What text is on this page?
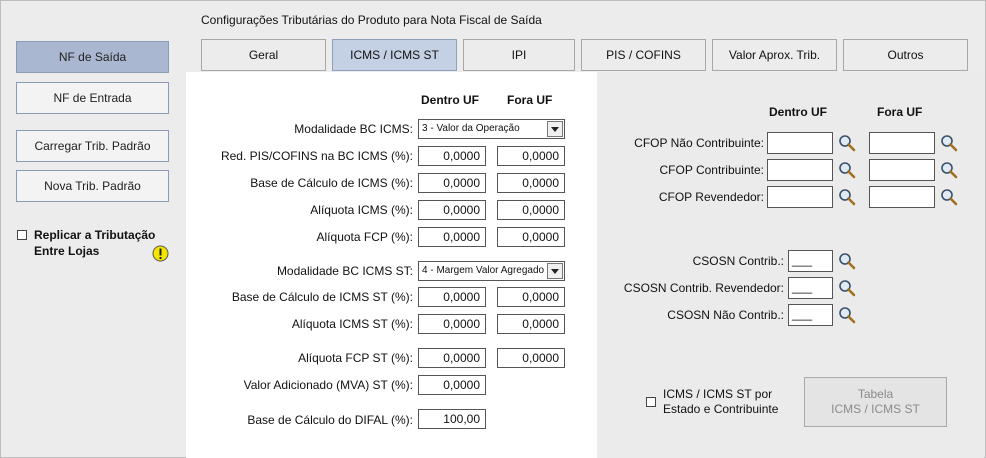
NF de Saída
NF de Entrada
Carregar Trib. Padrão
Nova Trib. Padrão
Replicar a Tributação
Entre Lojas
Configurações Tributárias do Produto para Nota Fiscal de Saída
Geral	ICMS / ICMS ST	IPI	PIS / COFINS	Valor Aprox. Trib.	Outros
Dentro UF Fora UF
Modalidade BC ICMS: 3 - Valor da Operação
Red. PIS/COFINS na BC ICMS (%):	0,0000	0,0000
Base de Cálculo de ICMS (%):	0,0000	0,0000
Alíquota ICMS (%):	0,0000	0,0000
Alíquota FCP (%):	0,0000	0,0000
Modalidade BC ICMS ST: 4 - Margem Valor Agregado
Base de Cálculo de ICMS ST (%):	0,0000	0,0000
Alíquota ICMS ST (%):	0,0000	0,0000
Alíquota FCP ST (%):	0,0000	0,0000
Valor Adicionado (MVA) ST (%):	0,0000
Base de Cálculo do DIFAL (%):	100,00
Dentro UF	Fora UF
CFOP Não Contribuinte:
CFOP Contribuinte:
CFOP Revendedor:
CSOSN Contrib.: ___
CSOSN Contrib. Revendedor: ___
CSOSN Não Contrib.: ___
ICMS / ICMS ST por
Estado e Contribuinte
Tabela
ICMS / ICMS ST
